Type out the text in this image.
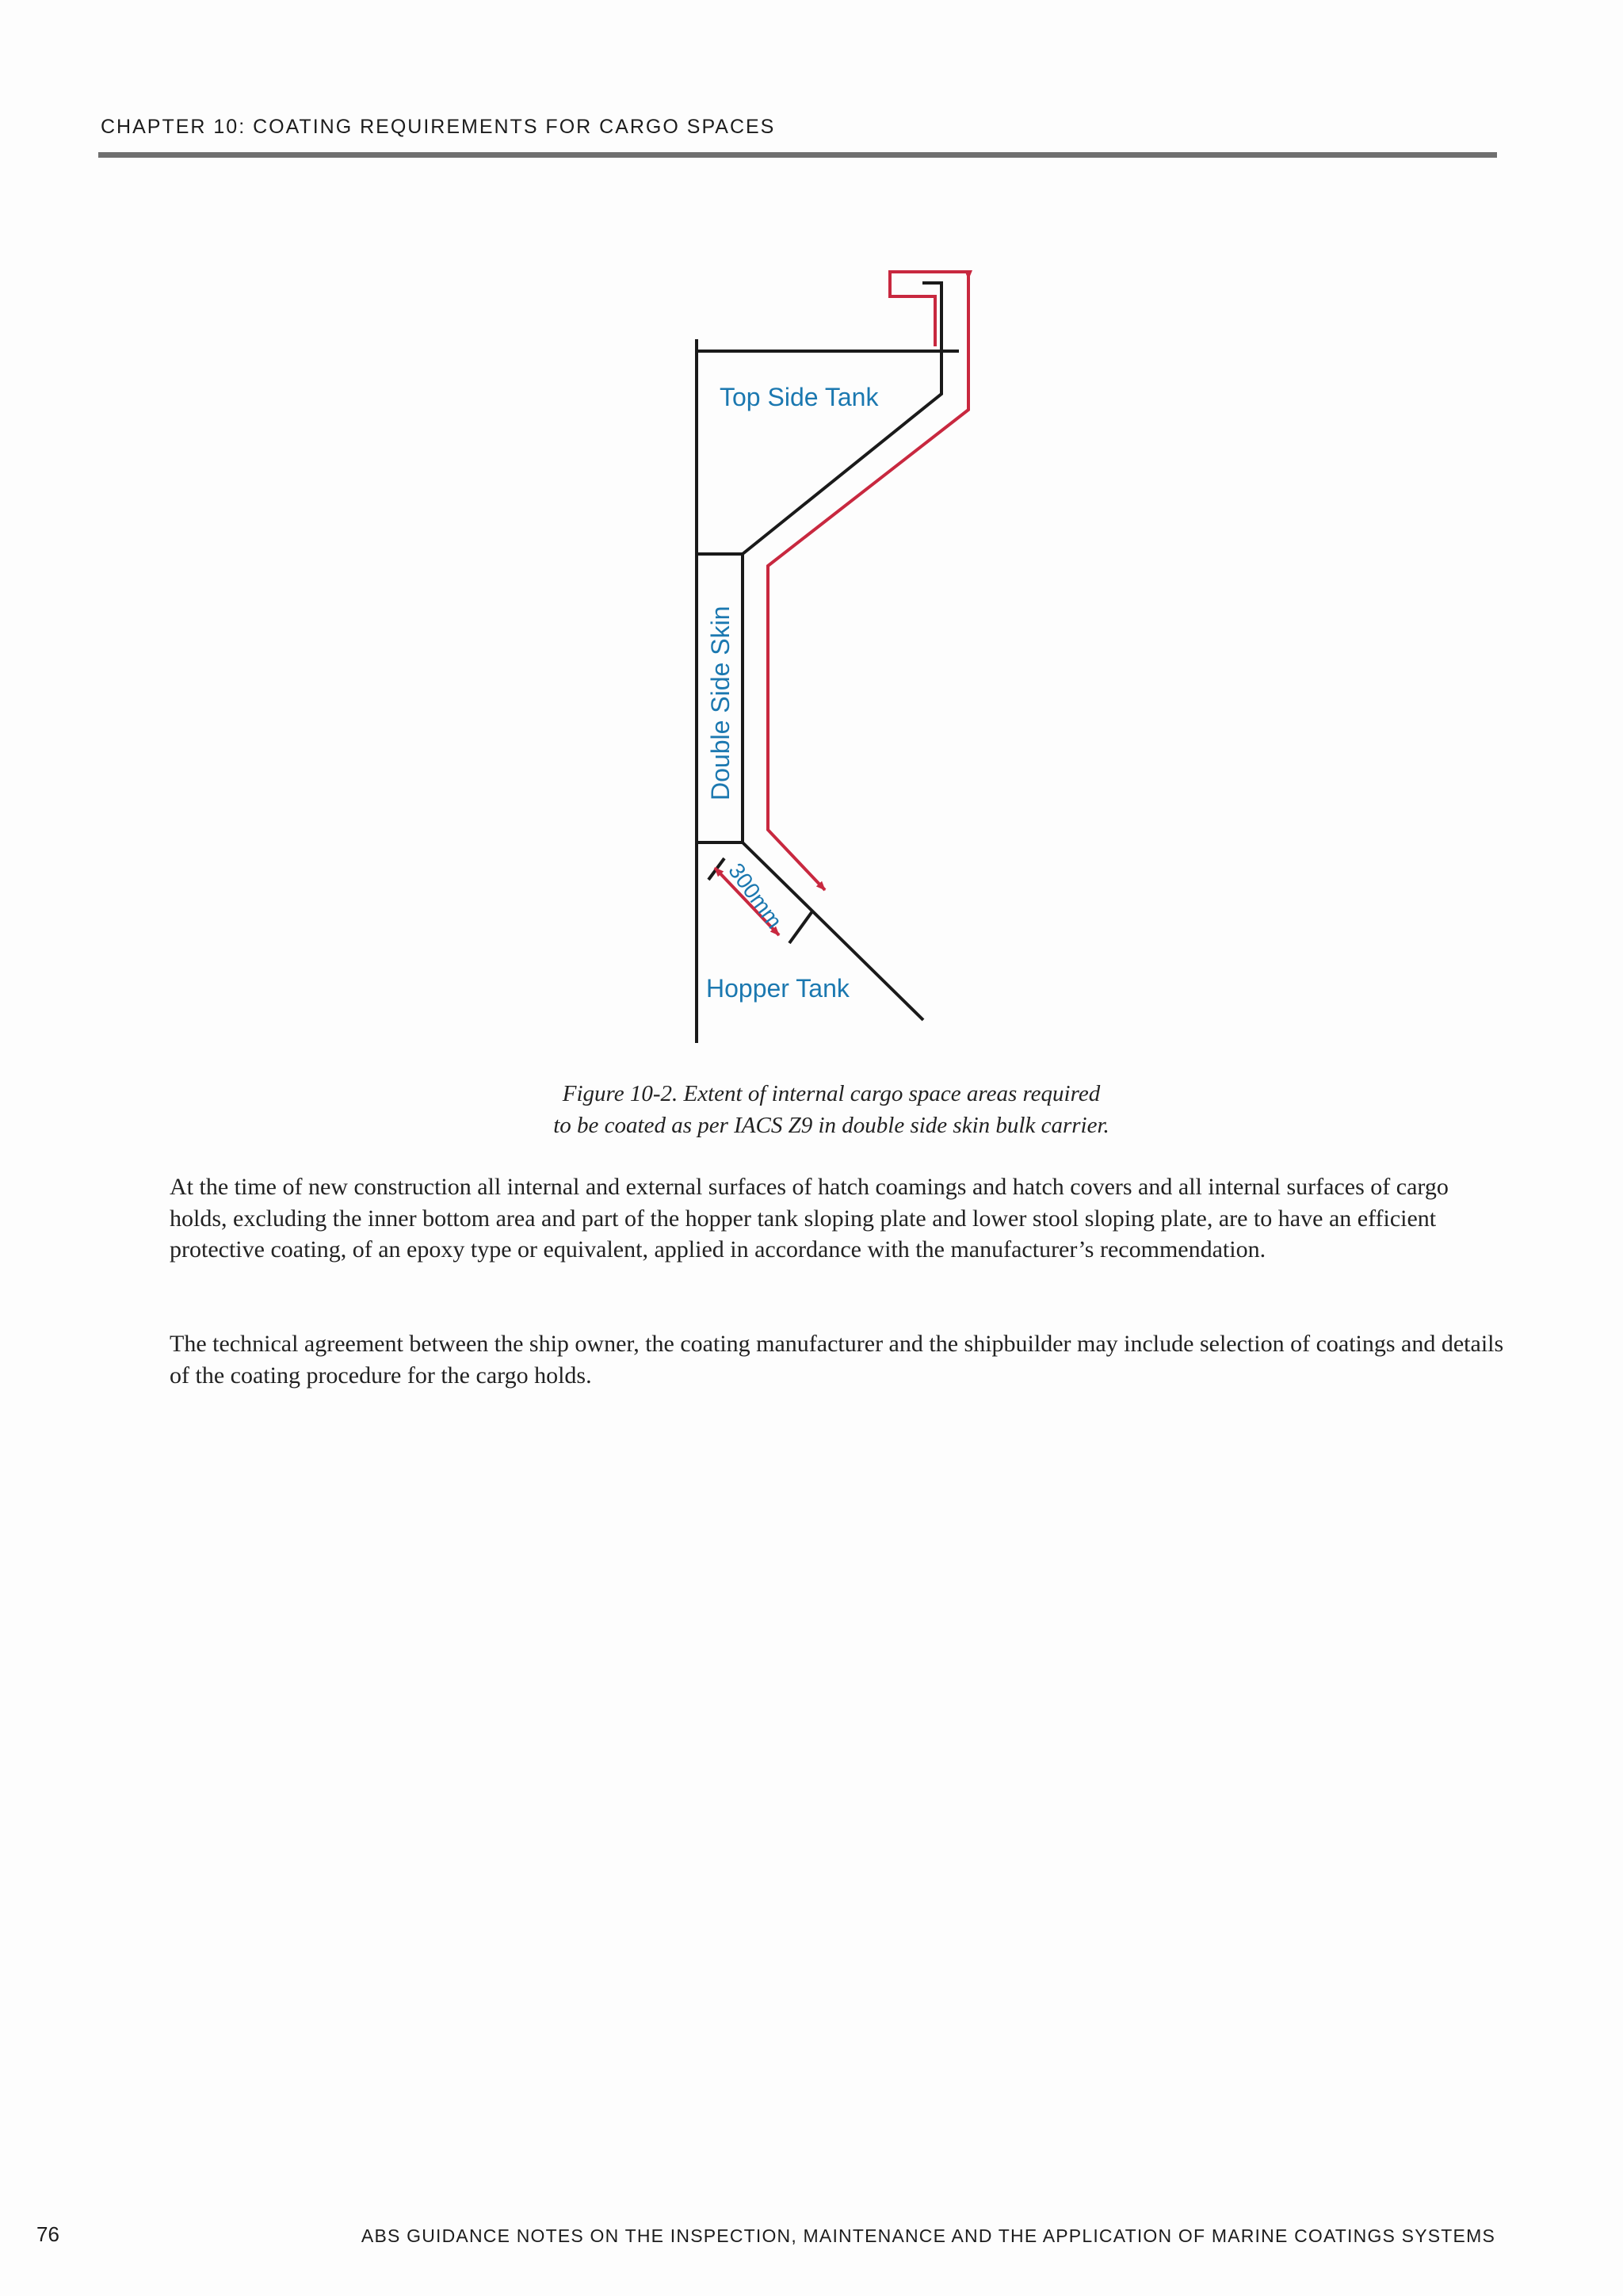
CHAPTER 10: COATING REQUIREMENTS FOR CARGO SPACES
Top Side Tank
Double Side Skin
300mm
Hopper Tank
Figure 10-2. Extent of internal cargo space areas required
to be coated as per IACS Z9 in double side skin bulk carrier.

At the time of new construction all internal and external surfaces of hatch coamings and hatch covers and all internal surfaces of cargo holds, excluding the inner bottom area and part of the hopper tank sloping plate and lower stool sloping plate, are to have an efficient protective coating, of an epoxy type or equivalent, applied in accordance with the manufacturer’s recommendation.

The technical agreement between the ship owner, the coating manufacturer and the shipbuilder may include selection of coatings and details of the coating procedure for the cargo holds.

76	ABS GUIDANCE NOTES ON THE INSPECTION, MAINTENANCE AND THE APPLICATION OF MARINE COATINGS SYSTEMS
